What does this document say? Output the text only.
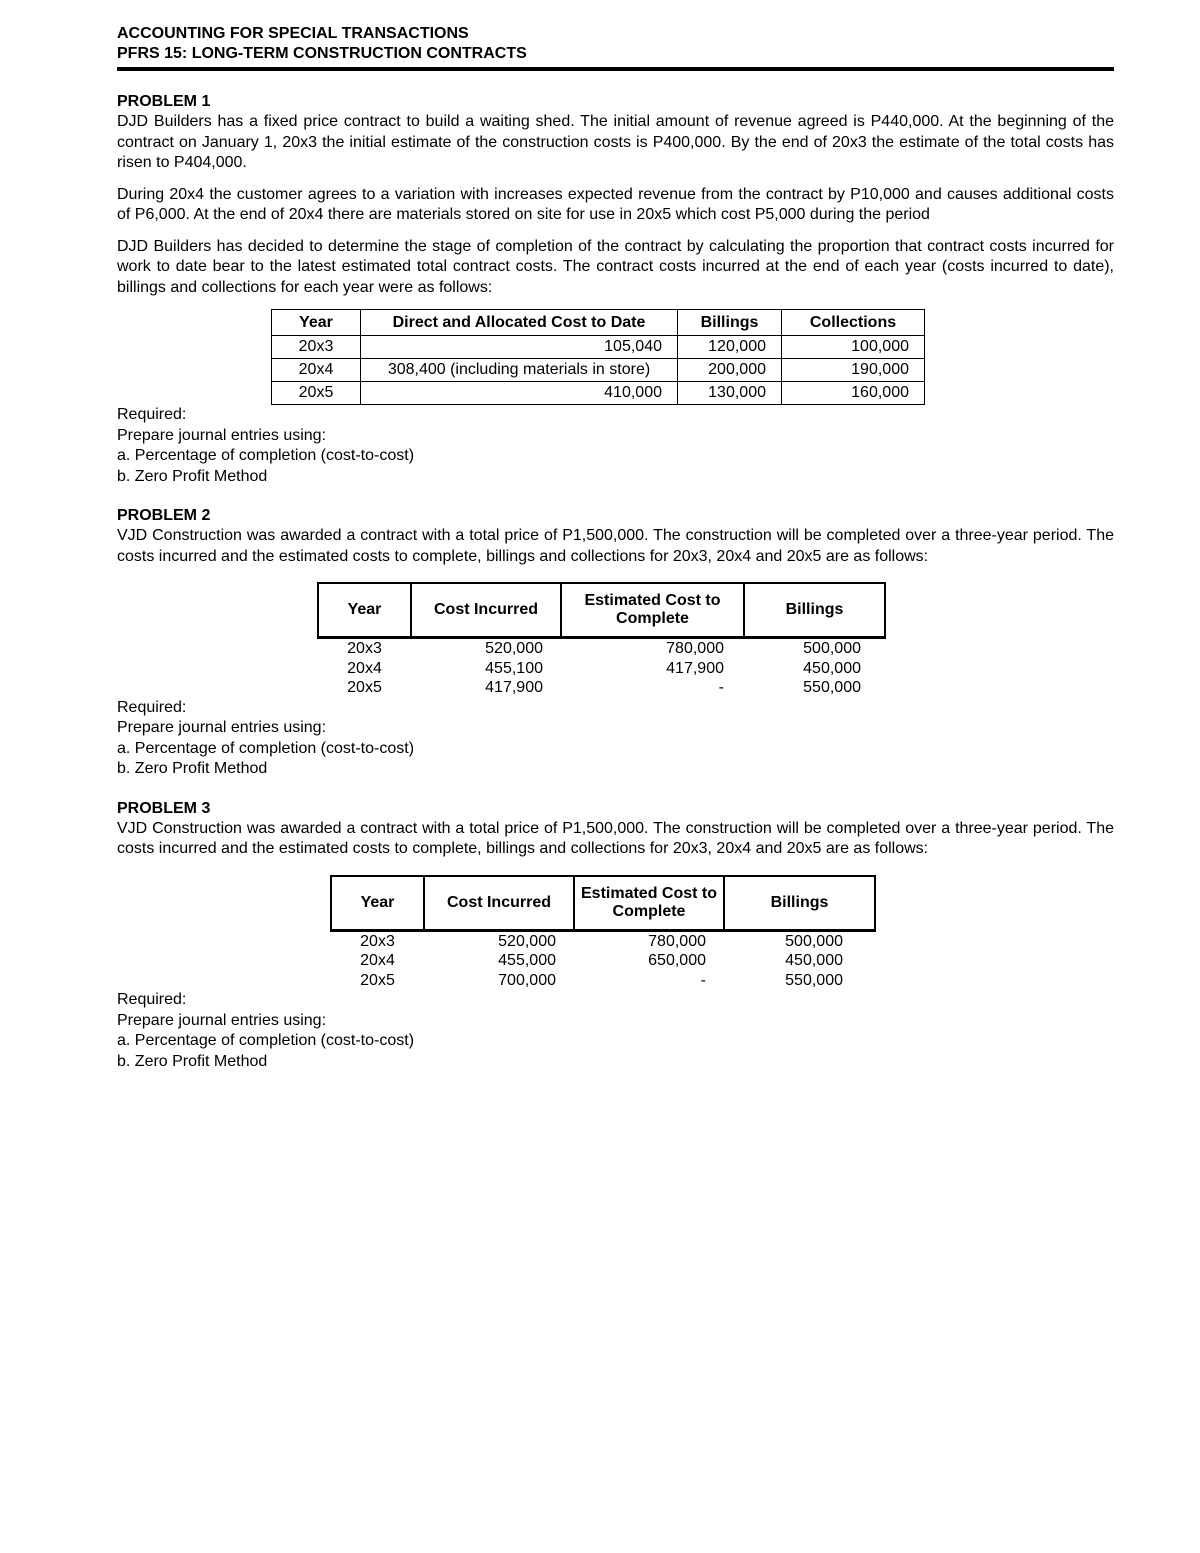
ACCOUNTING FOR SPECIAL TRANSACTIONS
PFRS 15: LONG-TERM CONSTRUCTION CONTRACTS
PROBLEM 1

DJD Builders has a fixed price contract to build a waiting shed. The initial amount of revenue agreed is P440,000. At the beginning of the contract on January 1, 20x3 the initial estimate of the construction costs is P400,000. By the end of 20x3 the estimate of the total costs has risen to P404,000.

During 20x4 the customer agrees to a variation with increases expected revenue from the contract by P10,000 and causes additional costs of P6,000. At the end of 20x4 there are materials stored on site for use in 20x5 which cost P5,000 during the period

DJD Builders has decided to determine the stage of completion of the contract by calculating the proportion that contract costs incurred for work to date bear to the latest estimated total contract costs. The contract costs incurred at the end of each year (costs incurred to date), billings and collections for each year were as follows:

Year	Direct and Allocated Cost to Date	Billings	Collections
20x3	105,040	120,000	100,000
20x4	308,400 (including materials in store)	200,000	190,000
20x5	410,000	130,000	160,000
Required:
Prepare journal entries using:
a. Percentage of completion (cost-to-cost)
b. Zero Profit Method
PROBLEM 2

VJD Construction was awarded a contract with a total price of P1,500,000. The construction will be completed over a three-year period. The costs incurred and the estimated costs to complete, billings and collections for 20x3, 20x4 and 20x5 are as follows:

Year	Cost Incurred	Estimated Cost to Complete	Billings
20x3	520,000	780,000	500,000
20x4	455,100	417,900	450,000
20x5	417,900	-	550,000
Required:
Prepare journal entries using:
a. Percentage of completion (cost-to-cost)
b. Zero Profit Method
PROBLEM 3

VJD Construction was awarded a contract with a total price of P1,500,000. The construction will be completed over a three-year period. The costs incurred and the estimated costs to complete, billings and collections for 20x3, 20x4 and 20x5 are as follows:

Year	Cost Incurred	Estimated Cost to Complete	Billings
20x3	520,000	780,000	500,000
20x4	455,000	650,000	450,000
20x5	700,000	-	550,000
Required:
Prepare journal entries using:
a. Percentage of completion (cost-to-cost)
b. Zero Profit Method
